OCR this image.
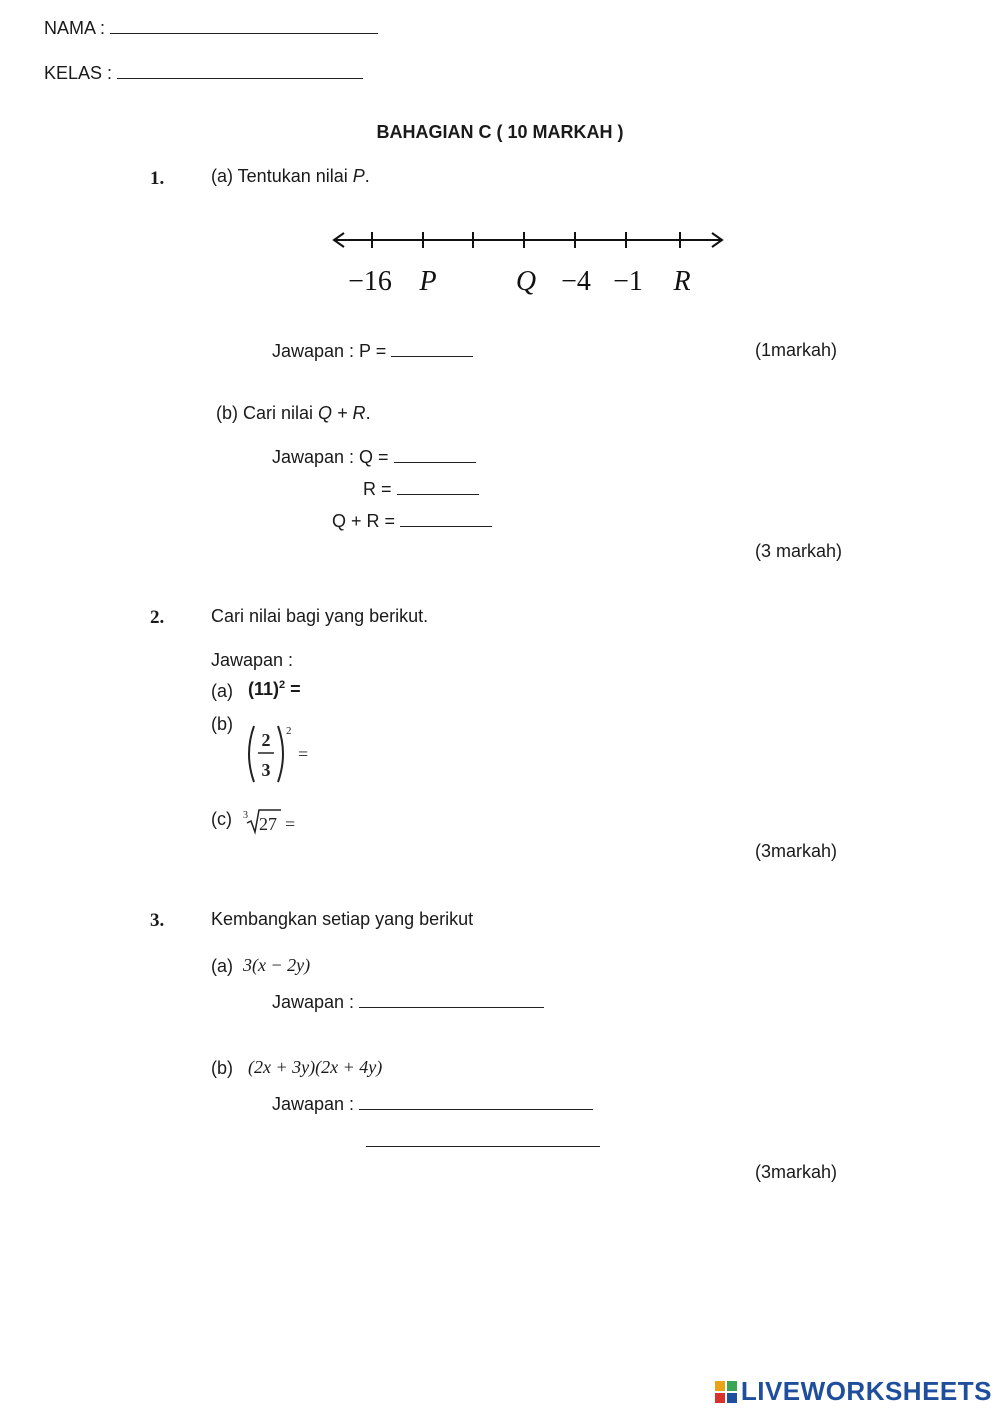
NAMA :
KELAS :
BAHAGIAN C ( 10 MARKAH )
1.	(a) Tentukan nilai P.
−16 P	Q −4 −1 R
Jawapan : P =	(1markah)
(b) Cari nilai Q + R.
Jawapan : Q =
R =
Q + R =
(3 markah)
2.	Cari nilai bagi yang berikut.
Jawapan :
(a) $(11)^2$ =
(b)
2
3
2
=
(c) 3 27 =
(3markah)
3.	Kembangkan setiap yang berikut
(a) 3(x − 2y)
Jawapan :
(b) (2x + 3y)(2x + 4y)
Jawapan :
(3markah)
LIVEWORKSHEETS
